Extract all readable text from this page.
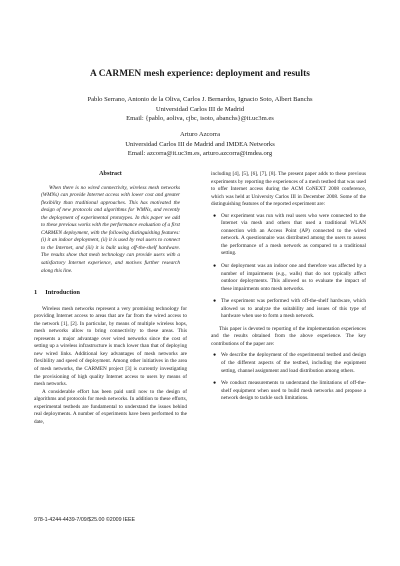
A CARMEN mesh experience: deployment and results
Pablo Serrano, Antonio de la Oliva, Carlos J. Bernardos, Ignacio Soto, Albert Banchs
Universidad Carlos III de Madrid
Email: {pablo, aoliva, cjbc, isoto, abanchs}@it.uc3m.es
Arturo Azcorra
Universidad Carlos III de Madrid and IMDEA Networks
Email: azcorra@it.uc3m.es, arturo.azcorra@imdea.org
Abstract

When there is no wired connectivity, wireless mesh networks (WMNs) can provide Internet access with lower cost and greater flexibility than traditional approaches. This has motivated the design of new protocols and algorithms for WMNs, and recently the deployment of experimental prototypes. In this paper we add to these previous works with the performance evaluation of a first CARMEN deployment, with the following distinguishing features: (i) it an indoor deployment, (ii) it is used by real users to connect to the Internet, and (iii) it is built using off-the-shelf hardware. The results show that mesh technology can provide users with a satisfactory Internet experience, and motives further research along this line.

1 Introduction

Wireless mesh networks represent a very promising technology for providing Internet access to areas that are far from the wired access to the network [1], [2]. In particular, by means of multiple wireless hops, mesh networks allow to bring connectivity to these areas. This represents a major advantage over wired networks since the cost of setting up a wireless infrastructure is much lower than that of deploying new wired links. Additional key advantages of mesh networks are flexibility and speed of deployment. Among other initiatives in the area of mesh networks, the CARMEN project [3] is currently investigating the provisioning of high quality Internet access to users by means of mesh networks.

A considerable effort has been paid until now to the design of algorithms and protocols for mesh networks. In addition to these efforts, experimental testbeds are fundamental to understand the issues behind real deployments. A number of experiments have been performed to the date,

including [4], [5], [6], [7], [8]. The present paper adds to these previous experiments by reporting the experiences of a mesh testbed that was used to offer Internet access during the ACM CoNEXT 2008 conference, which was held at University Carlos III in December 2008. Some of the distinguishing features of the reported experiment are:

● Our experiment was run with real users who were connected to the Internet via mesh and others that used a traditional WLAN connection with an Access Point (AP) connected to the wired network. A questionnaire was distributed among the users to assess the performance of a mesh network as compared to a traditional setting.
● Our deployment was an indoor one and therefore was affected by a number of impairments (e.g., walls) that do not typically affect outdoor deployments. This allowed us to evaluate the impact of these impairments onto mesh networks.
● The experiment was performed with off-the-shelf hardware, which allowed us to analyze the suitability and issues of this type of hardware when use to form a mesh network.

This paper is devoted to reporting of the implementation experiences and the results obtained from the above experience. The key contributions of the paper are:

● We describe the deployment of the experimental testbed and design of the different aspects of the testbed, including the equipment setting, channel assignment and load distribution among others.
● We conduct measurements to understand the limitations of off-the-shelf equipment when used to build mesh networks and propose a network design to tackle such limitations.
978-1-4244-4439-7/09/$25.00 ©2009 IEEE
